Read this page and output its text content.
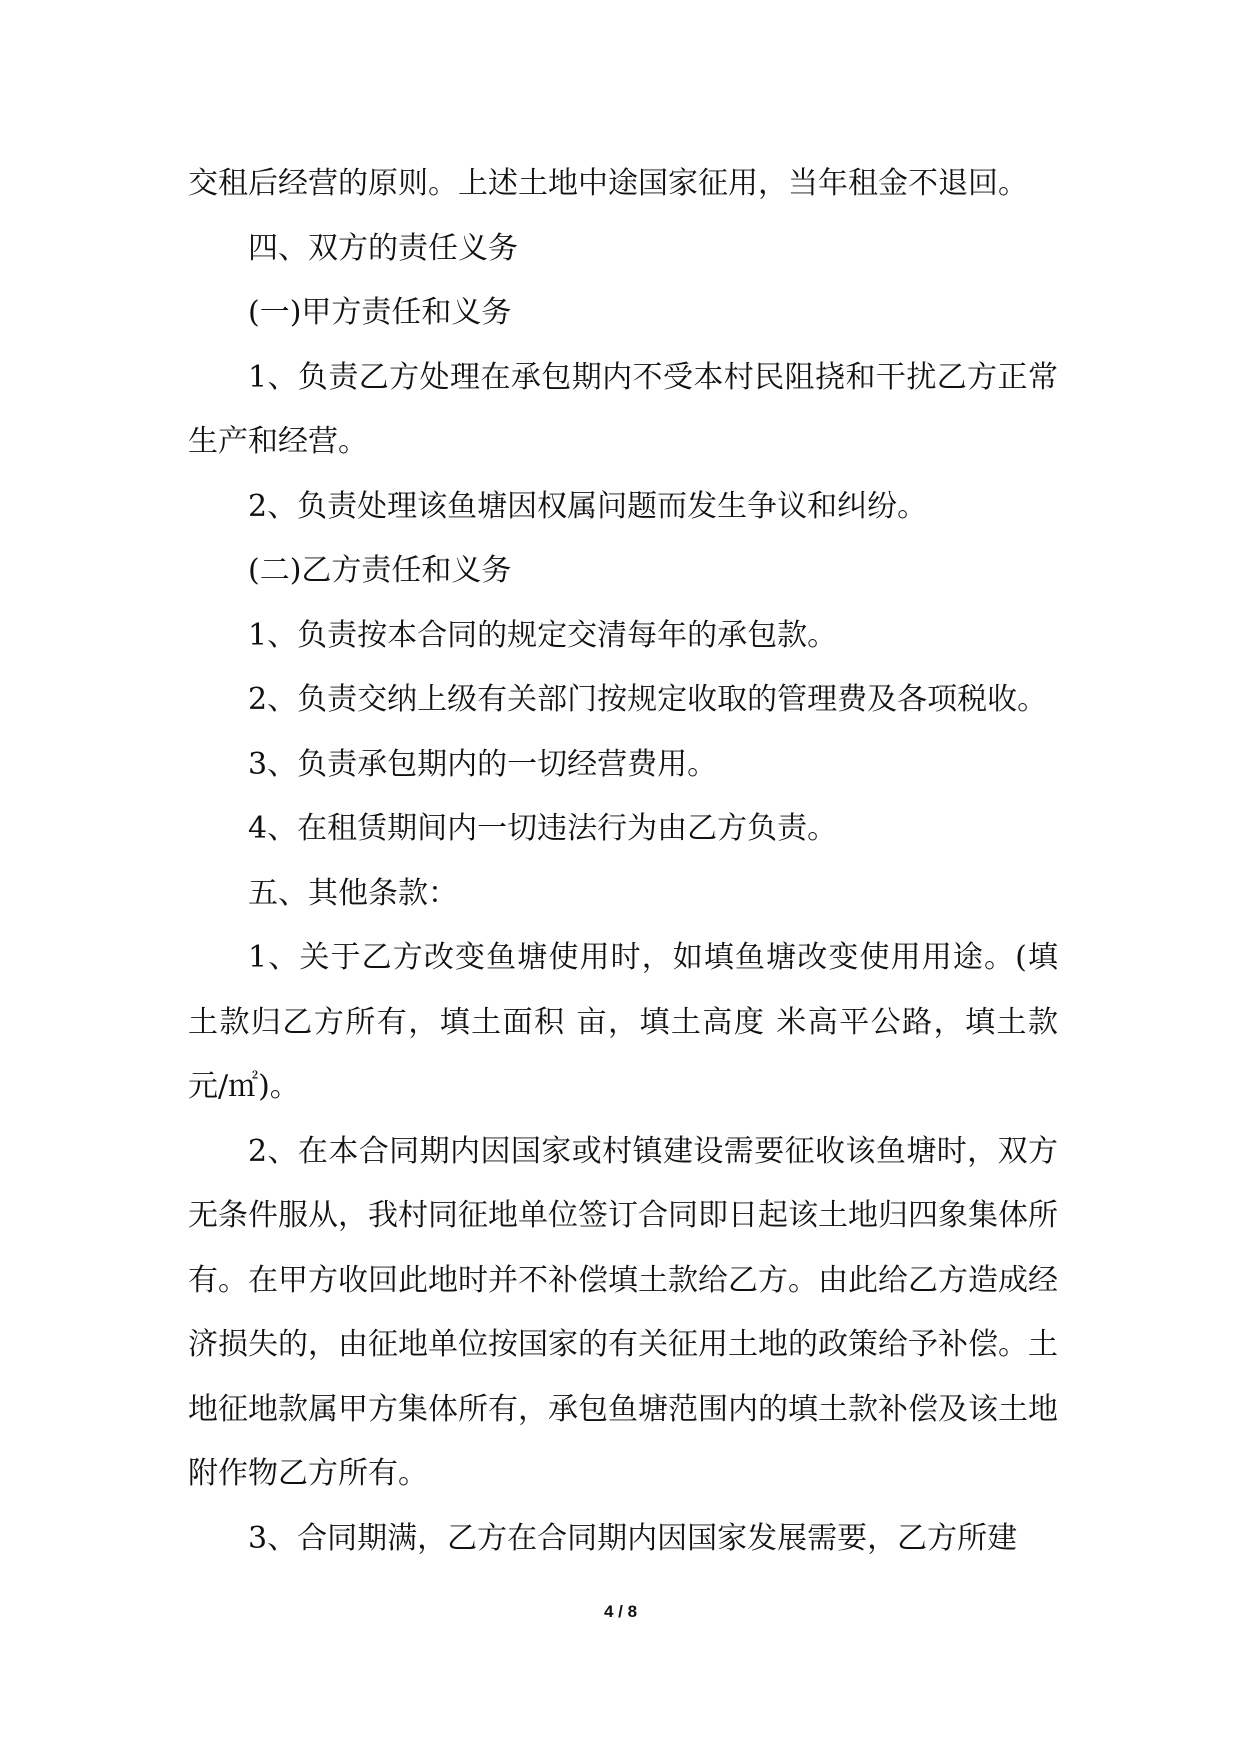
交租后经营的原则。上述土地中途国家征用，当年租金不退回。

四、双方的责任义务

(一)甲方责任和义务

1、负责乙方处理在承包期内不受本村民阻挠和干扰乙方正常生产和经营。

2、负责处理该鱼塘因权属问题而发生争议和纠纷。

(二)乙方责任和义务

1、负责按本合同的规定交清每年的承包款。

2、负责交纳上级有关部门按规定收取的管理费及各项税收。

3、负责承包期内的一切经营费用。

4、在租赁期间内一切违法行为由乙方负责。

五、其他条款：

1、关于乙方改变鱼塘使用时，如填鱼塘改变使用用途。(填土款归乙方所有，填土面积 亩，填土高度 米高平公路，填土款 元/㎡)。

2、在本合同期内因国家或村镇建设需要征收该鱼塘时，双方无条件服从，我村同征地单位签订合同即日起该土地归四象集体所有。在甲方收回此地时并不补偿填土款给乙方。由此给乙方造成经济损失的，由征地单位按国家的有关征用土地的政策给予补偿。土地征地款属甲方集体所有，承包鱼塘范围内的填土款补偿及该土地附作物乙方所有。

3、合同期满，乙方在合同期内因国家发展需要，乙方所建

4 / 8
